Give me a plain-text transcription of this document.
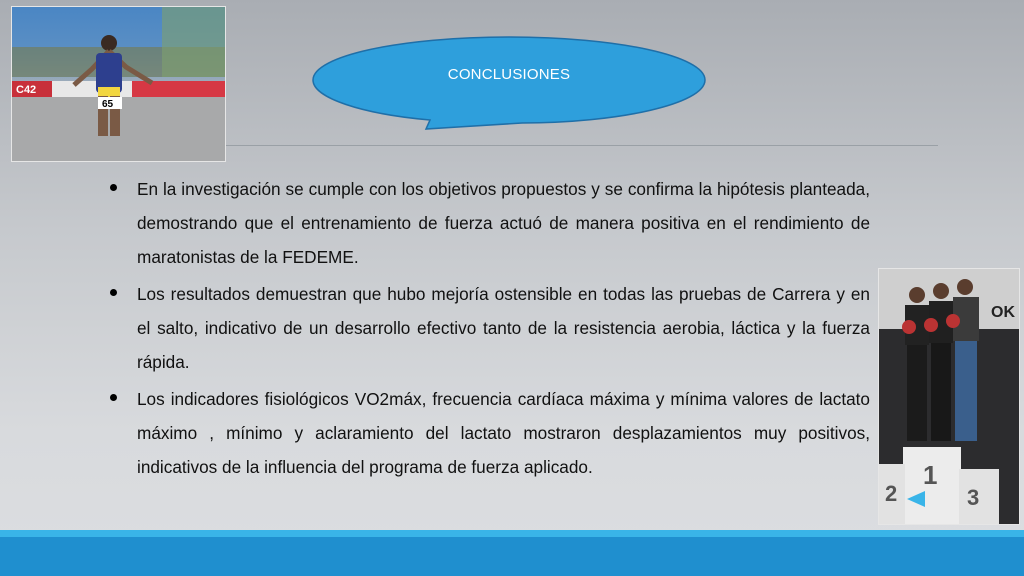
C42
65
CONCLUSIONES
En la investigación se cumple con los objetivos propuestos y se confirma la hipótesis planteada, demostrando que el entrenamiento de fuerza actuó de manera positiva en el rendimiento de maratonistas de la FEDEME.
Los resultados demuestran que hubo mejoría ostensible en todas las pruebas de Carrera y en el salto, indicativo de un desarrollo efectivo tanto de la resistencia aerobia, láctica y la fuerza rápida.
Los indicadores fisiológicos VO2máx, frecuencia cardíaca máxima y mínima valores de lactato máximo , mínimo y aclaramiento del lactato mostraron desplazamientos muy positivos, indicativos de la influencia del programa de fuerza aplicado.
OK
1
2	3
